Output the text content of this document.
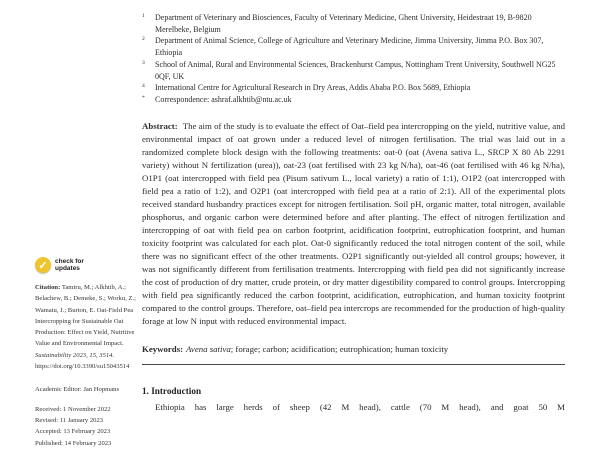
✓	check for
updates

Citation: Tamiru, M.; Alkhtib, A.; Belachew, B.; Demeke, S.; Worku, Z.; Wamatu, J.; Burton, E. Oat-Field Pea Intercropping for Sustainable Oat Production: Effect on Yield, Nutritive Value and Environmental Impact. Sustainability 2023, 15, 3514. https://doi.org/10.3390/su15043514

Academic Editor: Jan Hopmans

Received: 1 November 2022
Revised: 11 January 2023
Accepted: 13 February 2023
Published: 14 February 2023
1	Department of Veterinary and Biosciences, Faculty of Veterinary Medicine, Ghent University, Heidestraat 19, B-9820 Merelbeke, Belgium
2	Department of Animal Science, College of Agriculture and Veterinary Medicine, Jimma University, Jimma P.O. Box 307, Ethiopia
3	School of Animal, Rural and Environmental Sciences, Brackenhurst Campus, Nottingham Trent University, Southwell NG25 0QF, UK
4	International Centre for Agricultural Research in Dry Areas, Addis Ababa P.O. Box 5689, Ethiopia
*	Correspondence: ashraf.alkhtib@ntu.ac.uk

Abstract: The aim of the study is to evaluate the effect of Oat–field pea intercropping on the yield, nutritive value, and environmental impact of oat grown under a reduced level of nitrogen fertilisation. The trial was laid out in a randomized complete block design with the following treatments: oat-0 (oat (Avena sativa L., SRCP X 80 Ab 2291 variety) without N fertilization (urea)), oat-23 (oat fertilised with 23 kg N/ha), oat-46 (oat fertilised with 46 kg N/ha), O1P1 (oat intercropped with field pea (Pisum sativum L., local variety) a ratio of 1:1), O1P2 (oat intercropped with field pea a ratio of 1:2), and O2P1 (oat intercropped with field pea at a ratio of 2:1). All of the experimental plots received standard husbandry practices except for nitrogen fertilisation. Soil pH, organic matter, total nitrogen, available phosphorus, and organic carbon were determined before and after planting. The effect of nitrogen fertilization and intercropping of oat with field pea on carbon footprint, acidification footprint, eutrophication footprint, and human toxicity footprint was calculated for each plot. Oat-0 significantly reduced the total nitrogen content of the soil, while there was no significant effect of the other treatments. O2P1 significantly out-yielded all control groups; however, it was not significantly different from fertilisation treatments. Intercropping with field pea did not significantly increase the cost of production of dry matter, crude protein, or dry matter digestibility compared to control groups. Intercropping with field pea significantly reduced the carbon footprint, acidification, eutrophication, and human toxicity footprint compared to the control groups. Therefore, oat–field pea intercrops are recommended for the production of high-quality forage at low N input with reduced environmental impact.

Keywords: Avena sativa; forage; carbon; acidification; eutrophication; human toxicity

1. Introduction

Ethiopia has large herds of sheep (42 M head), cattle (70 M head), and goat 50 M
